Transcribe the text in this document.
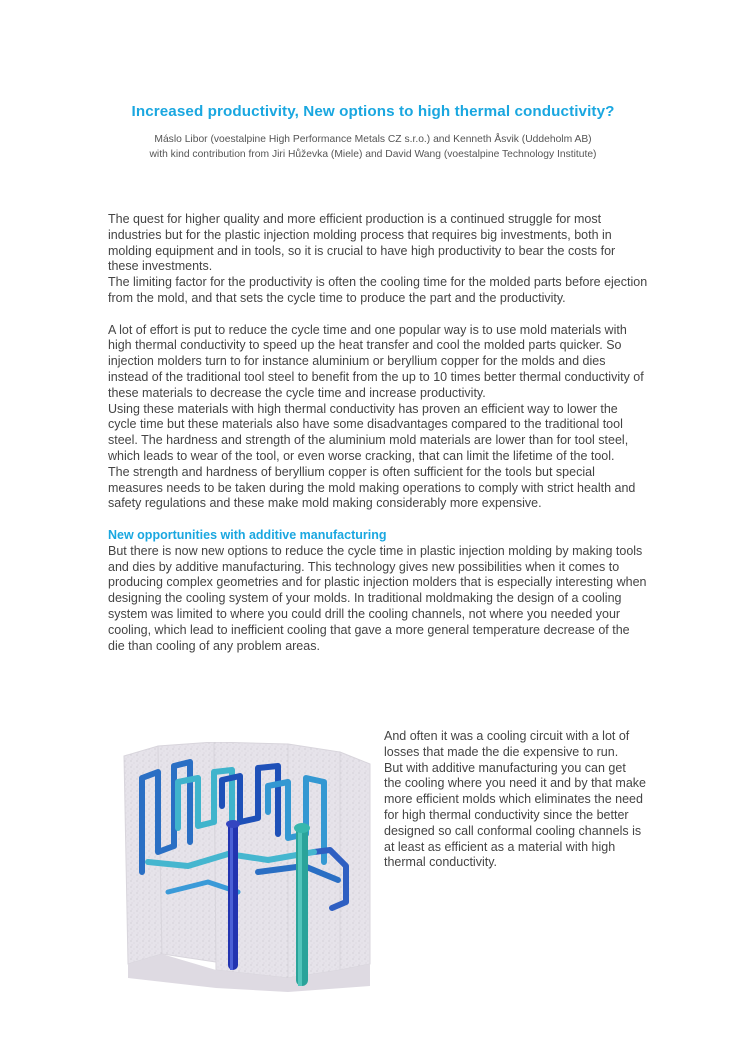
Increased productivity, New options to high thermal conductivity?
Máslo Libor (voestalpine High Performance Metals CZ s.r.o.) and Kenneth Åsvik (Uddeholm AB)
with kind contribution from Jiri Hůževka (Miele) and David Wang (voestalpine Technology Institute)

The quest for higher quality and more efficient production is a continued struggle for most industries but for the plastic injection molding process that requires big investments, both in molding equipment and in tools, so it is crucial to have high productivity to bear the costs for these investments.

The limiting factor for the productivity is often the cooling time for the molded parts before ejection from the mold, and that sets the cycle time to produce the part and the productivity.

A lot of effort is put to reduce the cycle time and one popular way is to use mold materials with high thermal conductivity to speed up the heat transfer and cool the molded parts quicker. So injection molders turn to for instance aluminium or beryllium copper for the molds and dies instead of the traditional tool steel to benefit from the up to 10 times better thermal conductivity of these materials to decrease the cycle time and increase productivity.

Using these materials with high thermal conductivity has proven an efficient way to lower the cycle time but these materials also have some disadvantages compared to the traditional tool steel. The hardness and strength of the aluminium mold materials are lower than for tool steel, which leads to wear of the tool, or even worse cracking, that can limit the lifetime of the tool.

The strength and hardness of beryllium copper is often sufficient for the tools but special measures needs to be taken during the mold making operations to comply with strict health and safety regulations and these make mold making considerably more expensive.

New opportunities with additive manufacturing

But there is now new options to reduce the cycle time in plastic injection molding by making tools and dies by additive manufacturing. This technology gives new possibilities when it comes to producing complex geometries and for plastic injection molders that is especially interesting when designing the cooling system of your molds. In traditional moldmaking the design of a cooling system was limited to where you could drill the cooling channels, not where you needed your cooling, which lead to inefficient cooling that gave a more general temperature decrease of the die than cooling of any problem areas.

And often it was a cooling circuit with a lot of losses that made the die expensive to run.

But with additive manufacturing you can get the cooling where you need it and by that make more efficient molds which eliminates the need for high thermal conductivity since the better designed so call conformal cooling channels is at least as efficient as a material with high thermal conductivity.
